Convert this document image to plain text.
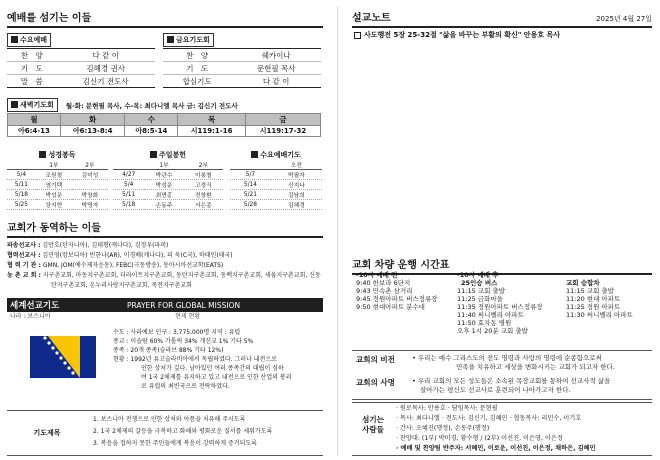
예배를 섬기는 이들
수요예배
찬　양	다 같 이
기　도	김혜경 권사
말　씀	김신기 전도사
금요기도회
찬　양	쉐카이나
기　도	문현필 목사
합심기도	다 같 이
새벽기도회	월-화: 문현필 목사, 수-목: 최다니엘 목사 금: 김신기 전도사
월	화	수	목	금
아6:4-13	아6:13-8:4	아8:5-14	시119:1-16	시119:17-32
성경봉독
	1부	2부
5/4	조원철	김미성
5/11	염기택	
5/18	박성운	박창화
5/25	장지현	박명자
주일봉헌
	1부	2부
4/27	박관수	이봉철
5/4	박성운	고경식
5/11	최면홍	전창환
5/18	손동주	서은종
수요예배기도
	오전
5/7	박필자
5/14	신지나
5/21	김남희
5/28	김혜경
교회가 동역하는 이들
파송선교사 : 김만호(탄자니아), 김태형(캐나다), 김정우(파퍼)
협력선교사 : 김민영(캄보디아) 빈한나(AR), 이경배(캐나다), 피 욱(C국), 하태민(태국)
협 력 기 관 : GMN, JOM(예수제자운동), FEBC(극동방송), 동아시아선교학(EATS)
농 촌 교 회 : 지구촌교회, 마동지구촌교회, 더라이트지구촌교회, 동탄지구촌교회, 동백지구촌교회, 세움지구촌교회, 신동탄지구촌교회, 온누리사랑지구촌교회, 죽전지구촌교회
세계선교기도	PRAYER FOR GLOBAL MISSION
나라 : 보스니아	현재 현황
수도 : 사라예보 인구 : 3,775,000명 지역 : 유럽
종교 : 이슬람 60% 가톨릭 34% 개신교 1% 기타 5%
종족 : 20개 종족(슬라브 88% 기타 12%)
현황 : 1992년 유고슬라비아에서 독립하였다. 그러나 내전으로
인한 상처가 깊다. 남아있던 여러 종족간의 대립이 심하
여 1국 2체제를 유지하고 있고 내전으로 인한 산업의 붕괴
로 유럽의 최빈국으로 전락하였다.
기도제목
1. 보스니아 전쟁으로 인한 상처와 아픔을 치유해 주시도록
2. 1국 2체제의 갈등을 극복하고 화해와 평화로운 질서를 세워가도록
3. 복음을 접하지 못한 주민들에게 복음이 강력하게 증거되도록
설교노트	2025년 4월 27일
사도행전 5장 25-32절 "삶을 바꾸는 부활의 확신" 안용호 목사
교회 차량 운행 시간표
-10시 예배 전
9:40 한보라 6단지
9:43 민속촌 삼거리
9:45 정원아파트 버스정류장
9:50 현대아파트 분수대
-10시 예배 후
25인승 버스
11:15 교회 출발
11:25 금화마을
11:35 정원아파트 버스정류장
11:40 써니벨리 아파트
11:50 효자동 병원
오후 1시 20분 교회 출발
교회 승합차
11:15 교회 출발
11:20 현대 아파트
11:25 정원 아파트
11:30 써니벨리 아파트
교회의 비전	• 우리는 예수 그리스도의 전도 명령과 사랑의 명령에 순종함으로써
민족을 치유하고 세상을 변화시키는 교회가 되고자 한다.
교회의 사명	• 우리 교회의 모든 성도들은 소속된 목장교회를 통하여 선교사적 삶을
살아가는 평신도 선교사로 훈련되어 나아가고자 한다.
섬기는
사람들
· 원로목사: 안용호 · 담임목사: 문현필
· 목사: 최다니엘 · 전도사: 김신기, 김혜민 · 협동목사: 리민수, 이기호
· 간사: 오혜진(행정), 손동주(행정)
· 찬양대: (1부) 박미경, 황수형 / (2부) 이선진, 이은영, 이은정
· 예배 및 찬양팀 반주자: 서혜민, 이로운, 이선진, 이은정, 채하은, 김혜민
